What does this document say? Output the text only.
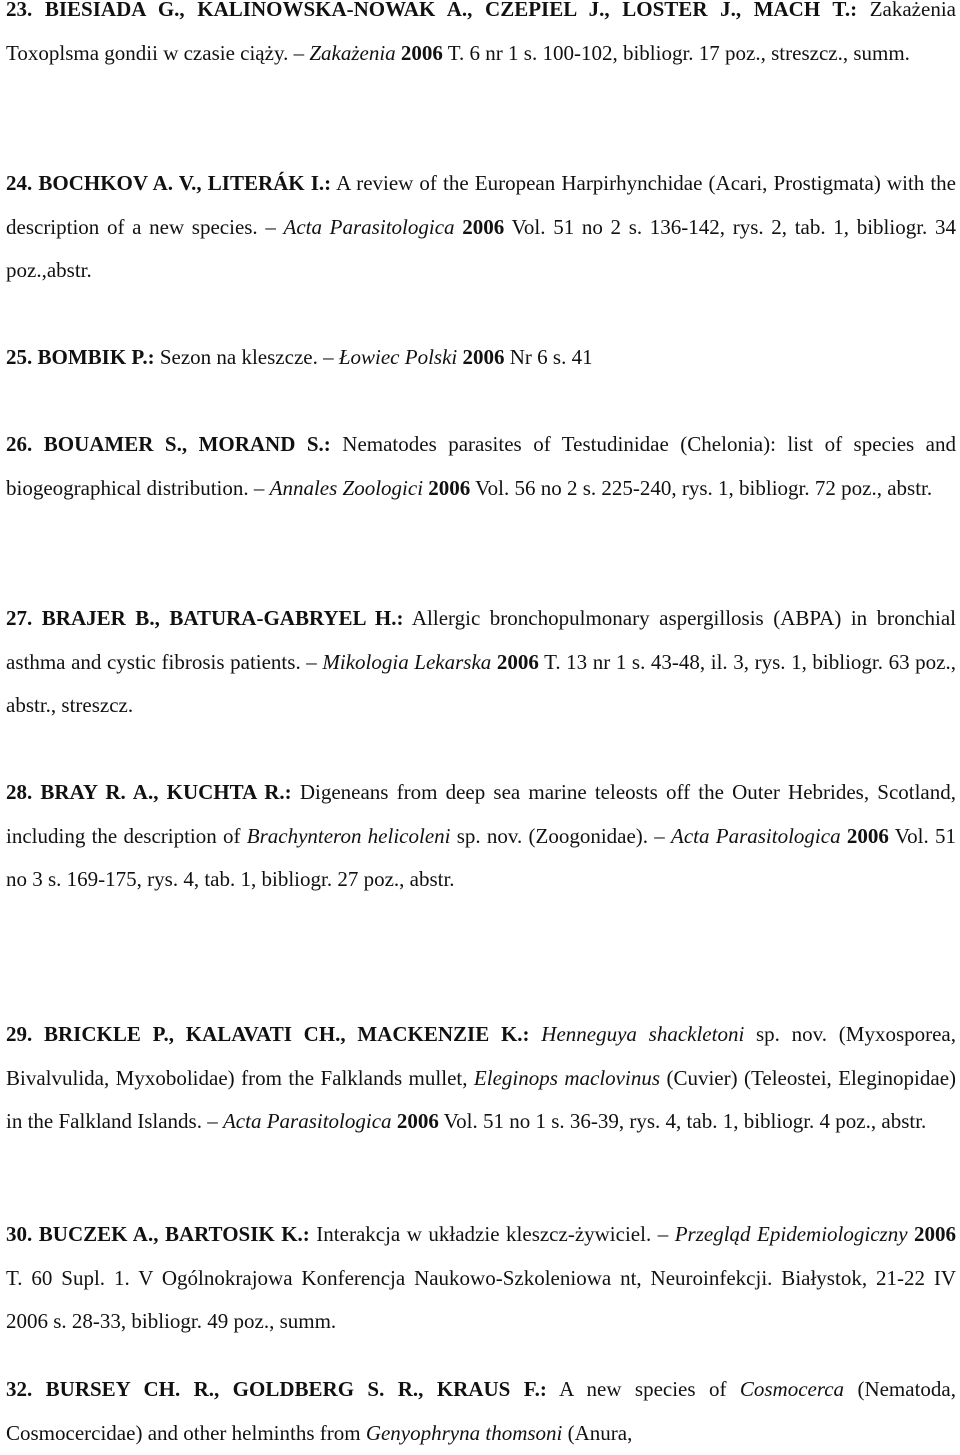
23. BIESIADA G., KALINOWSKA-NOWAK A., CZEPIEL J., LOSTER J., MACH T.: Zakażenia Toxoplsma gondii w czasie ciąży. – Zakażenia 2006 T. 6 nr 1 s. 100-102, bibliogr. 17 poz., streszcz., summ.
24. BOCHKOV A. V., LITERÁK I.: A review of the European Harpirhynchidae (Acari, Prostigmata) with the description of a new species. – Acta Parasitologica 2006 Vol. 51 no 2 s. 136-142, rys. 2, tab. 1, bibliogr. 34 poz.,abstr.
25. BOMBIK P.: Sezon na kleszcze. – Łowiec Polski 2006 Nr 6 s. 41
26. BOUAMER S., MORAND S.: Nematodes parasites of Testudinidae (Chelonia): list of species and biogeographical distribution. – Annales Zoologici 2006 Vol. 56 no 2 s. 225-240, rys. 1, bibliogr. 72 poz., abstr.
27. BRAJER B., BATURA-GABRYEL H.: Allergic bronchopulmonary aspergillosis (ABPA) in bronchial asthma and cystic fibrosis patients. – Mikologia Lekarska 2006 T. 13 nr 1 s. 43-48, il. 3, rys. 1, bibliogr. 63 poz., abstr., streszcz.
28. BRAY R. A., KUCHTA R.: Digeneans from deep sea marine teleosts off the Outer Hebrides, Scotland, including the description of Brachynteron helicoleni sp. nov. (Zoogonidae). – Acta Parasitologica 2006 Vol. 51 no 3 s. 169-175, rys. 4, tab. 1, bibliogr. 27 poz., abstr.
29. BRICKLE P., KALAVATI CH., MACKENZIE K.: Henneguya shackletoni sp. nov. (Myxosporea, Bivalvulida, Myxobolidae) from the Falklands mullet, Eleginops maclovinus (Cuvier) (Teleostei, Eleginopidae) in the Falkland Islands. – Acta Parasitologica 2006 Vol. 51 no 1 s. 36-39, rys. 4, tab. 1, bibliogr. 4 poz., abstr.
30. BUCZEK A., BARTOSIK K.: Interakcja w układzie kleszcz-żywiciel. – Przegląd Epidemiologiczny 2006 T. 60 Supl. 1. V Ogólnokrajowa Konferencja Naukowo-Szkoleniowa nt, Neuroinfekcji. Białystok, 21-22 IV 2006 s. 28-33, bibliogr. 49 poz., summ.
32. BURSEY CH. R., GOLDBERG S. R., KRAUS F.: A new species of Cosmocerca (Nematoda, Cosmocercidae) and other helminths from Genyophryna thomsoni (Anura,
